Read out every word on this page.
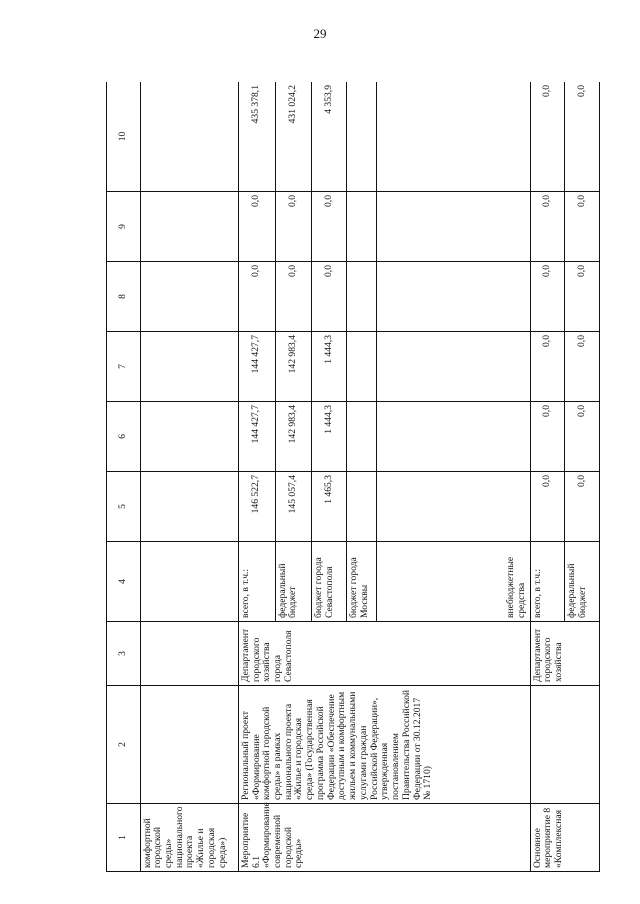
29
1	2	3	4	5	6	7	8	9	10
комфортной городской среды» национального проекта «Жилье и городская среда»)									
Мероприятие 6.1 «Формирование современной городской среды»	Региональный проект «Формирование комфортной городской среды» в рамках национального проекта «Жилье и городская среда» (Государственная программа Российской Федерации «Обеспечение доступным и комфортным жильем и коммунальными услугами граждан Российской Федерации», утвержденная постановлением Правительства Российской Федерации от 30.12.2017 № 1710)	Департамент городского хозяйства города Севастополя	всего, в т.ч.:	146 522,7	144 427,7	144 427,7	0,0	0,0	435 378,1
			федеральный бюджет	145 057,4	142 983,4	142 983,4	0,0	0,0	431 024,2
			бюджет города Севастополя	1 465,3	1 444,3	1 444,3	0,0	0,0	4 353,9
			бюджет города Москвы						
			внебюджетные средства						
Основное мероприятие 8 «Комплексная		Департамент городского хозяйства	всего, в т.ч.:	0,0	0,0	0,0	0,0	0,0	0,0
			федеральный бюджет	0,0	0,0	0,0	0,0	0,0	0,0
